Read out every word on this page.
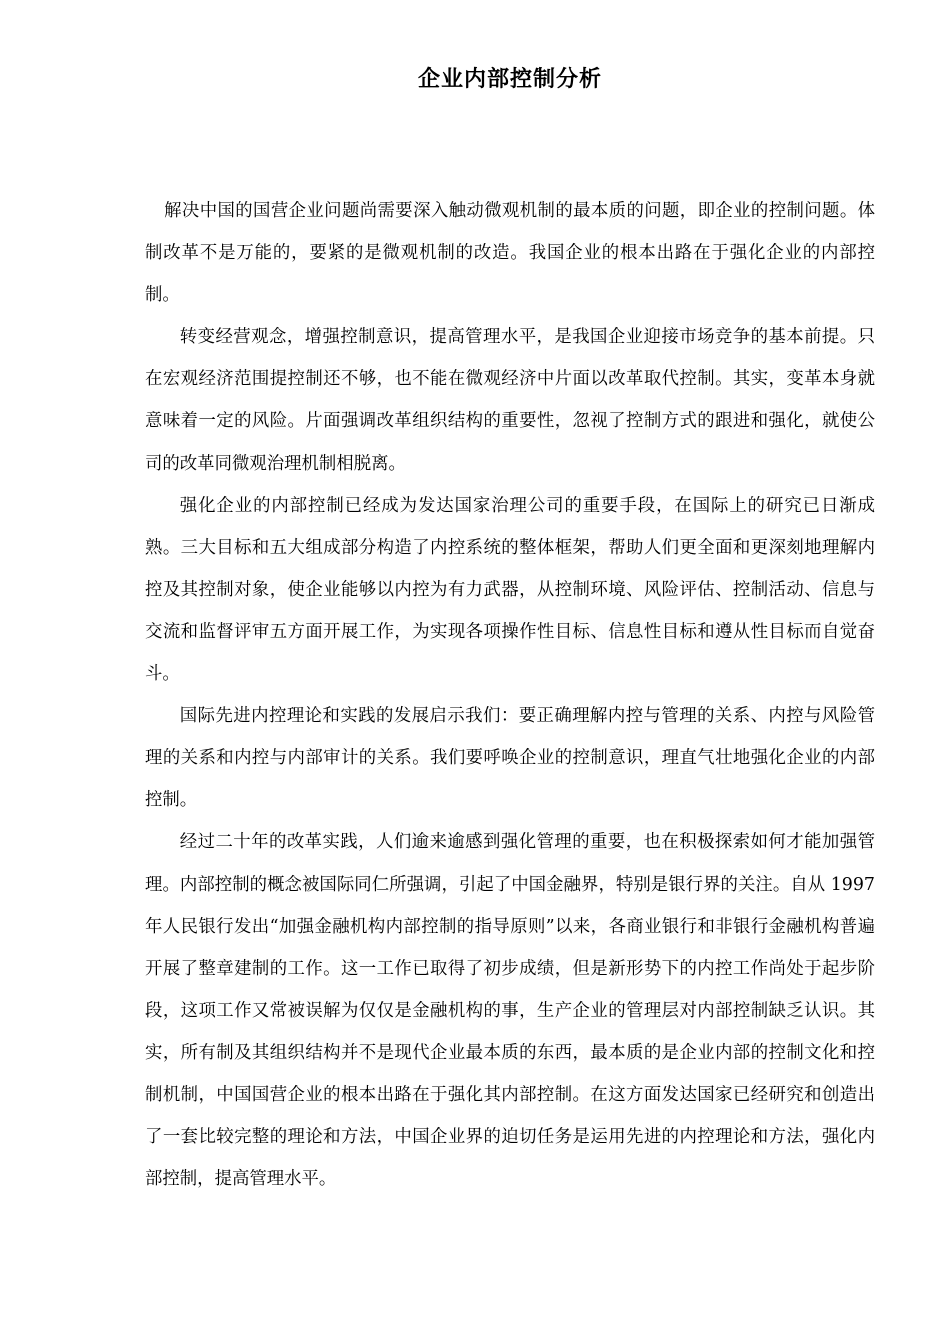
企业内部控制分析

解决中国的国营企业问题尚需要深入触动微观机制的最本质的问题，即企业的控制问题。体制改革不是万能的，要紧的是微观机制的改造。我国企业的根本出路在于强化企业的内部控制。

转变经营观念，增强控制意识，提高管理水平，是我国企业迎接市场竞争的基本前提。只在宏观经济范围提控制还不够，也不能在微观经济中片面以改革取代控制。其实，变革本身就意味着一定的风险。片面强调改革组织结构的重要性，忽视了控制方式的跟进和强化，就使公司的改革同微观治理机制相脱离。

强化企业的内部控制已经成为发达国家治理公司的重要手段，在国际上的研究已日渐成熟。三大目标和五大组成部分构造了内控系统的整体框架，帮助人们更全面和更深刻地理解内控及其控制对象，使企业能够以内控为有力武器，从控制环境、风险评估、控制活动、信息与交流和监督评审五方面开展工作，为实现各项操作性目标、信息性目标和遵从性目标而自觉奋斗。

国际先进内控理论和实践的发展启示我们：要正确理解内控与管理的关系、内控与风险管理的关系和内控与内部审计的关系。我们要呼唤企业的控制意识，理直气壮地强化企业的内部控制。

经过二十年的改革实践，人们逾来逾感到强化管理的重要，也在积极探索如何才能加强管理。内部控制的概念被国际同仁所强调，引起了中国金融界，特别是银行界的关注。自从 1997 年人民银行发出“加强金融机构内部控制的指导原则”以来，各商业银行和非银行金融机构普遍开展了整章建制的工作。这一工作已取得了初步成绩，但是新形势下的内控工作尚处于起步阶段，这项工作又常被误解为仅仅是金融机构的事，生产企业的管理层对内部控制缺乏认识。其实，所有制及其组织结构并不是现代企业最本质的东西，最本质的是企业内部的控制文化和控制机制，中国国营企业的根本出路在于强化其内部控制。在这方面发达国家已经研究和创造出了一套比较完整的理论和方法，中国企业界的迫切任务是运用先进的内控理论和方法，强化内部控制，提高管理水平。
